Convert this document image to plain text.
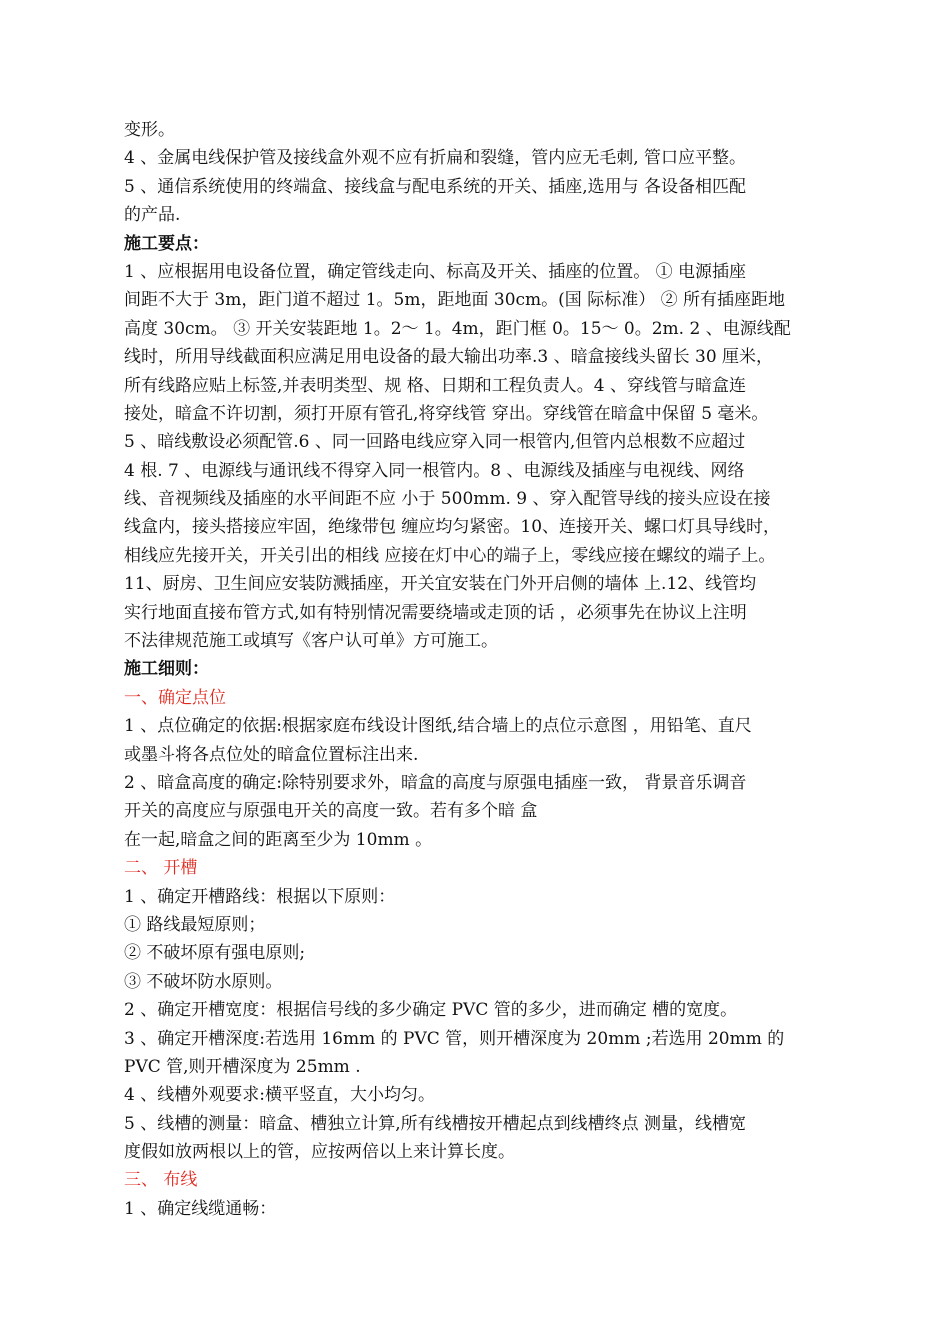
变形。
4 、金属电线保护管及接线盒外观不应有折扁和裂缝，管内应无毛刺, 管口应平整。
5 、通信系统使用的终端盒、接线盒与配电系统的开关、插座,选用与 各设备相匹配
的产品.
施工要点：
1 、应根据用电设备位置，确定管线走向、标高及开关、插座的位置。 ① 电源插座
间距不大于 3m，距门道不超过 1。5m，距地面 30cm。(国 际标准） ② 所有插座距地
高度 30cm。 ③ 开关安装距地 1。2～ 1。4m，距门框 0。15～ 0。2m. 2 、电源线配
线时，所用导线截面积应满足用电设备的最大输出功率.3 、暗盒接线头留长 30 厘米，
所有线路应贴上标签,并表明类型、规 格、日期和工程负责人。4 、穿线管与暗盒连
接处，暗盒不许切割，须打开原有管孔,将穿线管 穿出。穿线管在暗盒中保留 5 毫米。
5 、暗线敷设必须配管.6 、同一回路电线应穿入同一根管内,但管内总根数不应超过
4 根. 7 、电源线与通讯线不得穿入同一根管内。8 、电源线及插座与电视线、网络
线、音视频线及插座的水平间距不应 小于 500mm. 9 、穿入配管导线的接头应设在接
线盒内，接头搭接应牢固，绝缘带包 缠应均匀紧密。10、连接开关、螺口灯具导线时，
相线应先接开关，开关引出的相线 应接在灯中心的端子上，零线应接在螺纹的端子上。
11、厨房、卫生间应安装防溅插座，开关宜安装在门外开启侧的墙体 上.12、线管均
实行地面直接布管方式,如有特别情况需要绕墙或走顶的话 ，必须事先在协议上注明
不法律规范施工或填写《客户认可单》方可施工。
施工细则：
一、确定点位
1 、点位确定的依据:根据家庭布线设计图纸,结合墙上的点位示意图 ，用铅笔、直尺
或墨斗将各点位处的暗盒位置标注出来.
2 、暗盒高度的确定:除特别要求外，暗盒的高度与原强电插座一致， 背景音乐调音
开关的高度应与原强电开关的高度一致。若有多个暗 盒
在一起,暗盒之间的距离至少为 10mm 。
二、 开槽
1 、确定开槽路线：根据以下原则：
① 路线最短原则；
② 不破坏原有强电原则;
③ 不破坏防水原则。
2 、确定开槽宽度：根据信号线的多少确定 PVC 管的多少，进而确定 槽的宽度。
3 、确定开槽深度:若选用 16mm 的 PVC 管，则开槽深度为 20mm ;若选用 20mm 的
PVC 管,则开槽深度为 25mm .
4 、线槽外观要求:横平竖直，大小均匀。
5 、线槽的测量：暗盒、槽独立计算,所有线槽按开槽起点到线槽终点 测量，线槽宽
度假如放两根以上的管，应按两倍以上来计算长度。
三、 布线
1 、确定线缆通畅：
